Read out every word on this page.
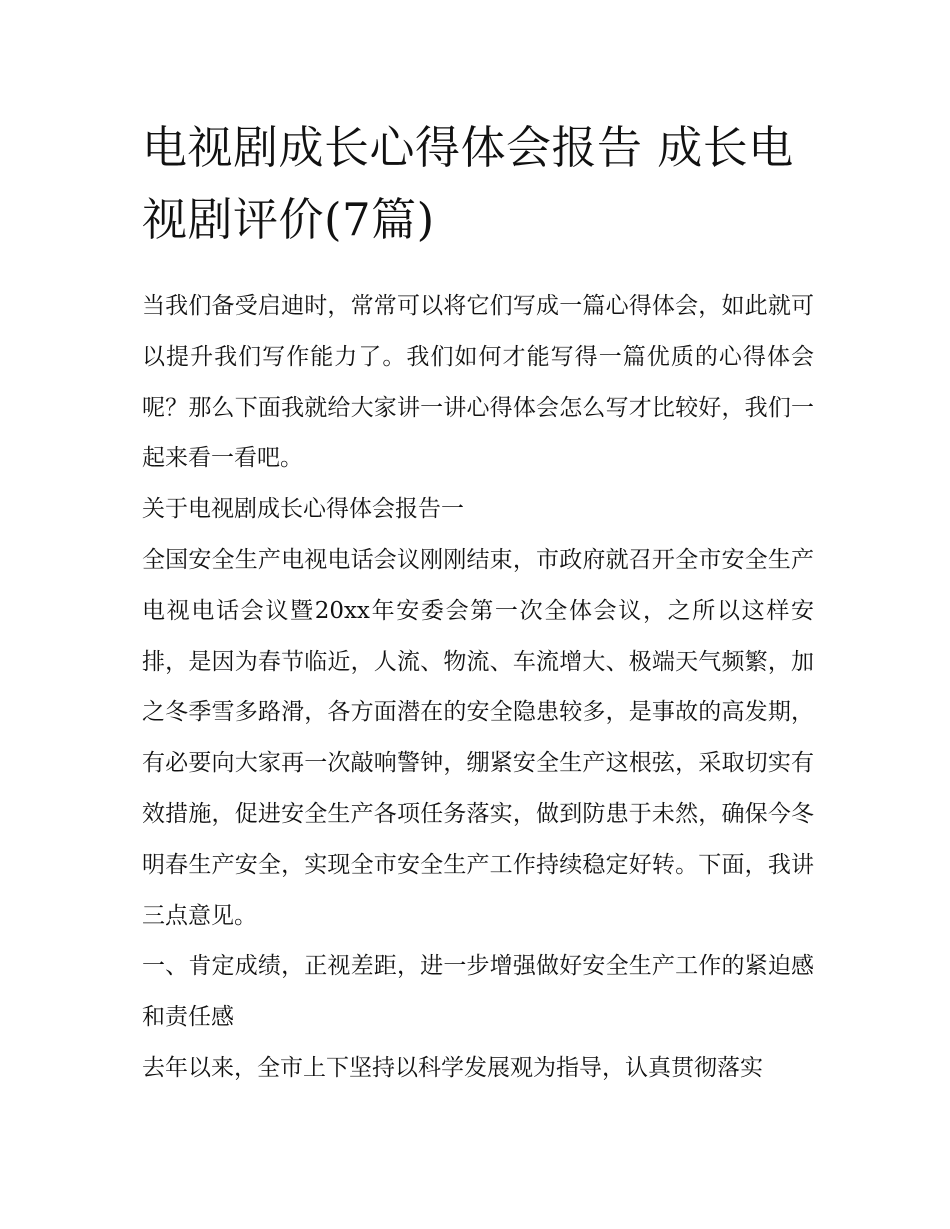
电视剧成长心得体会报告 成长电视剧评价(7篇)

当我们备受启迪时，常常可以将它们写成一篇心得体会，如此就可以提升我们写作能力了。我们如何才能写得一篇优质的心得体会呢？那么下面我就给大家讲一讲心得体会怎么写才比较好，我们一起来看一看吧。

关于电视剧成长心得体会报告一

全国安全生产电视电话会议刚刚结束，市政府就召开全市安全生产电视电话会议暨20xx年安委会第一次全体会议，之所以这样安排，是因为春节临近，人流、物流、车流增大、极端天气频繁，加之冬季雪多路滑，各方面潜在的安全隐患较多，是事故的高发期，有必要向大家再一次敲响警钟，绷紧安全生产这根弦，采取切实有效措施，促进安全生产各项任务落实，做到防患于未然，确保今冬明春生产安全，实现全市安全生产工作持续稳定好转。下面，我讲三点意见。

一、肯定成绩，正视差距，进一步增强做好安全生产工作的紧迫感和责任感

去年以来，全市上下坚持以科学发展观为指导，认真贯彻落实
